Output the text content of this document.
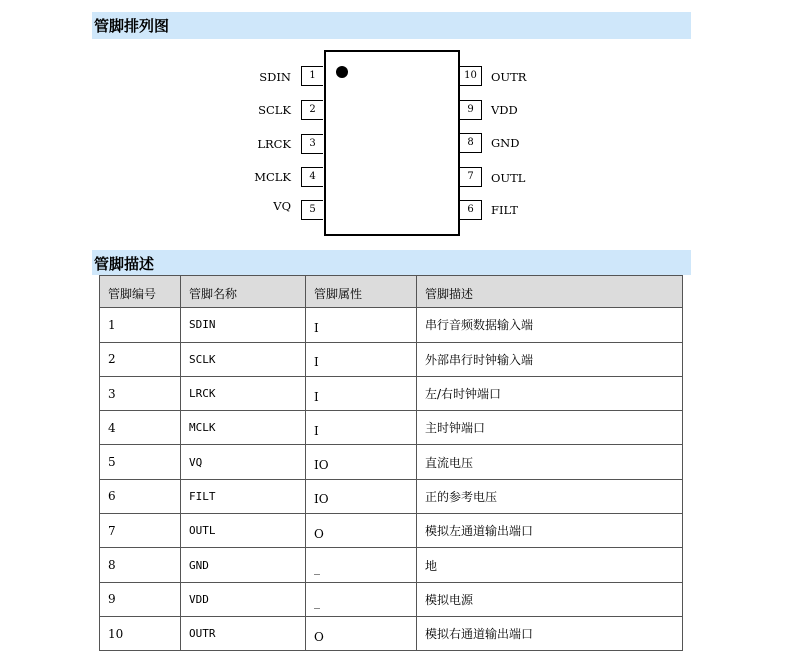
管脚排列图
1
2
3
4
5
SDIN
SCLK
LRCK
MCLK
VQ
10
9
8
7
6
OUTR
VDD
GND
OUTL
FILT
管脚描述
管脚编号	管脚名称	管脚属性	管脚描述
1	SDIN	I	串行音频数据输入端
2	SCLK	I	外部串行时钟输入端
3	LRCK	I	左/右时钟端口
4	MCLK	I	主时钟端口
5	VQ	IO	直流电压
6	FILT	IO	正的参考电压
7	OUTL	O	模拟左通道输出端口
8	GND	_	地
9	VDD	_	模拟电源
10	OUTR	O	模拟右通道输出端口
